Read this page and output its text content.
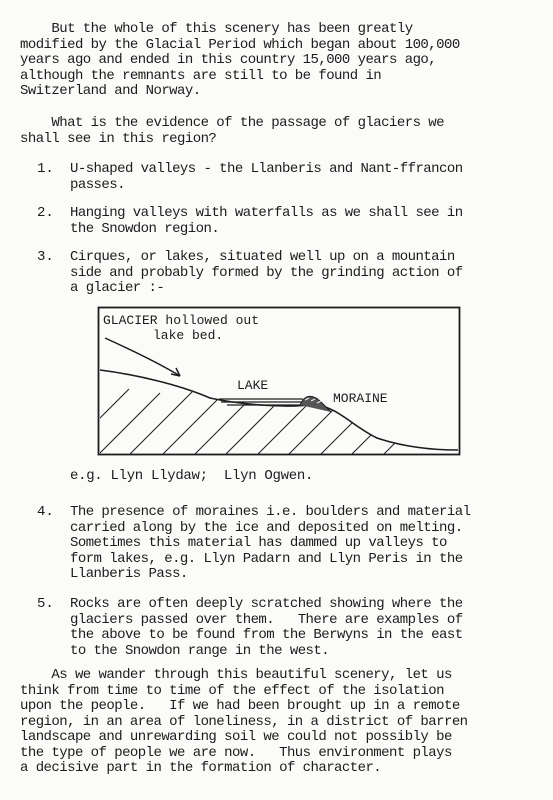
But the whole of this scenery has been greatly
modified by the Glacial Period which began about 100,000
years ago and ended in this country 15,000 years ago,
although the remnants are still to be found in
Switzerland and Norway.

What is the evidence of the passage of glaciers we
shall see in this region?

1. U-shaped valleys - the Llanberis and Nant-ffrancon
passes.

2. Hanging valleys with waterfalls as we shall see in
the Snowdon region.

3. Cirques, or lakes, situated well up on a mountain
side and probably formed by the grinding action of
a glacier :-

GLACIER hollowed out
lake bed.
LAKE
MORAINE

e.g. Llyn Llydaw;  Llyn Ogwen.

4. The presence of moraines i.e. boulders and material
carried along by the ice and deposited on melting.
Sometimes this material has dammed up valleys to
form lakes, e.g. Llyn Padarn and Llyn Peris in the
Llanberis Pass.

5. Rocks are often deeply scratched showing where the
glaciers passed over them.   There are examples of
the above to be found from the Berwyns in the east
to the Snowdon range in the west.

As we wander through this beautiful scenery, let us
think from time to time of the effect of the isolation
upon the people.   If we had been brought up in a remote
region, in an area of loneliness, in a district of barren
landscape and unrewarding soil we could not possibly be
the type of people we are now.   Thus environment plays
a decisive part in the formation of character.
